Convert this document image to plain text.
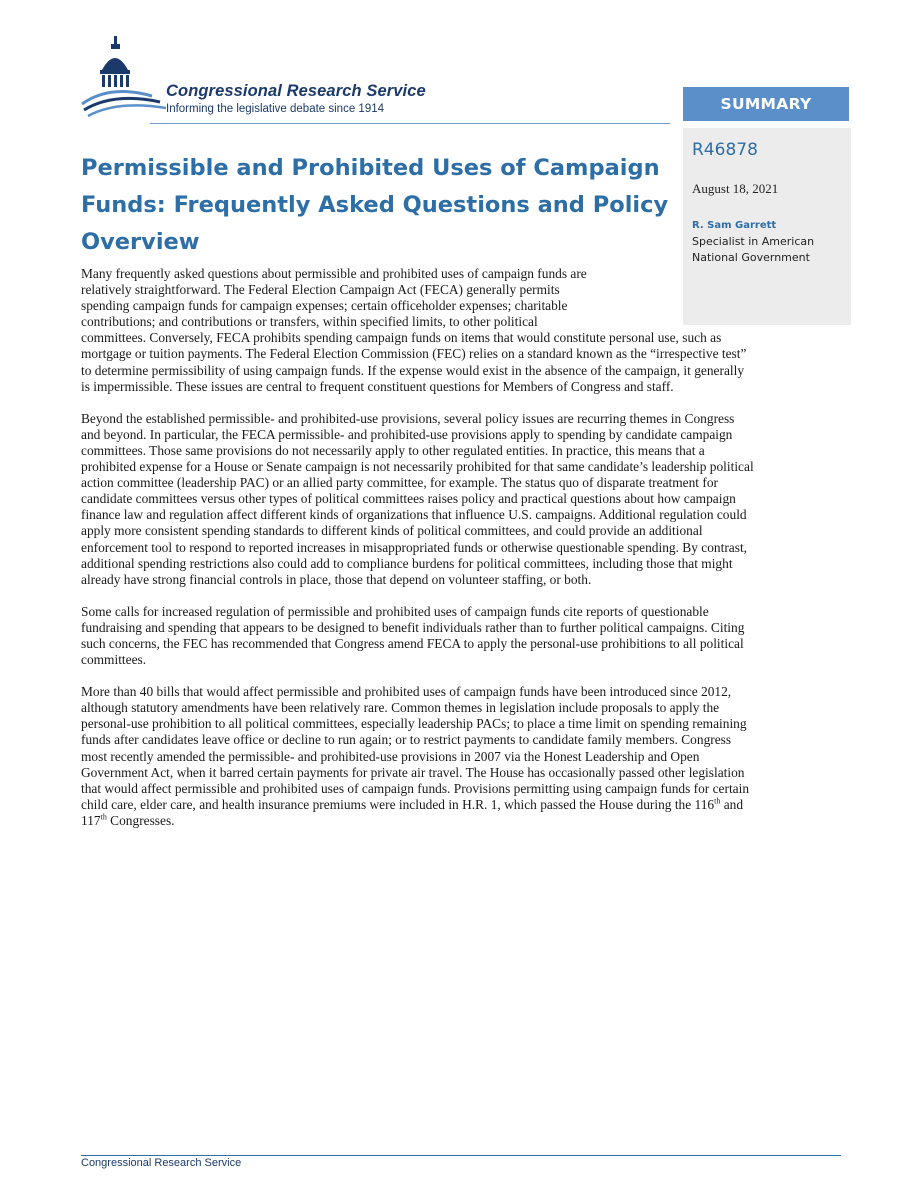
Congressional Research Service
Informing the legislative debate since 1914	SUMMARY
R46878
August 18, 2021
R. Sam Garrett
Specialist in American National Government
Permissible and Prohibited Uses of Campaign Funds: Frequently Asked Questions and Policy Overview

Many frequently asked questions about permissible and prohibited uses of campaign funds are
relatively straightforward. The Federal Election Campaign Act (FECA) generally permits
spending campaign funds for campaign expenses; certain officeholder expenses; charitable
contributions; and contributions or transfers, within specified limits, to other political
committees. Conversely, FECA prohibits spending campaign funds on items that would constitute personal use, such as
mortgage or tuition payments. The Federal Election Commission (FEC) relies on a standard known as the “irrespective test”
to determine permissibility of using campaign funds. If the expense would exist in the absence of the campaign, it generally
is impermissible. These issues are central to frequent constituent questions for Members of Congress and staff.

Beyond the established permissible- and prohibited-use provisions, several policy issues are recurring themes in Congress
and beyond. In particular, the FECA permissible- and prohibited-use provisions apply to spending by candidate campaign
committees. Those same provisions do not necessarily apply to other regulated entities. In practice, this means that a
prohibited expense for a House or Senate campaign is not necessarily prohibited for that same candidate’s leadership political
action committee (leadership PAC) or an allied party committee, for example. The status quo of disparate treatment for
candidate committees versus other types of political committees raises policy and practical questions about how campaign
finance law and regulation affect different kinds of organizations that influence U.S. campaigns. Additional regulation could
apply more consistent spending standards to different kinds of political committees, and could provide an additional
enforcement tool to respond to reported increases in misappropriated funds or otherwise questionable spending. By contrast,
additional spending restrictions also could add to compliance burdens for political committees, including those that might
already have strong financial controls in place, those that depend on volunteer staffing, or both.

Some calls for increased regulation of permissible and prohibited uses of campaign funds cite reports of questionable
fundraising and spending that appears to be designed to benefit individuals rather than to further political campaigns. Citing
such concerns, the FEC has recommended that Congress amend FECA to apply the personal-use prohibitions to all political
committees.

More than 40 bills that would affect permissible and prohibited uses of campaign funds have been introduced since 2012,
although statutory amendments have been relatively rare. Common themes in legislation include proposals to apply the
personal-use prohibition to all political committees, especially leadership PACs; to place a time limit on spending remaining
funds after candidates leave office or decline to run again; or to restrict payments to candidate family members. Congress
most recently amended the permissible- and prohibited-use provisions in 2007 via the Honest Leadership and Open
Government Act, when it barred certain payments for private air travel. The House has occasionally passed other legislation
that would affect permissible and prohibited uses of campaign funds. Provisions permitting using campaign funds for certain
child care, elder care, and health insurance premiums were included in H.R. 1, which passed the House during the 116th and
117th Congresses.

Congressional Research Service
